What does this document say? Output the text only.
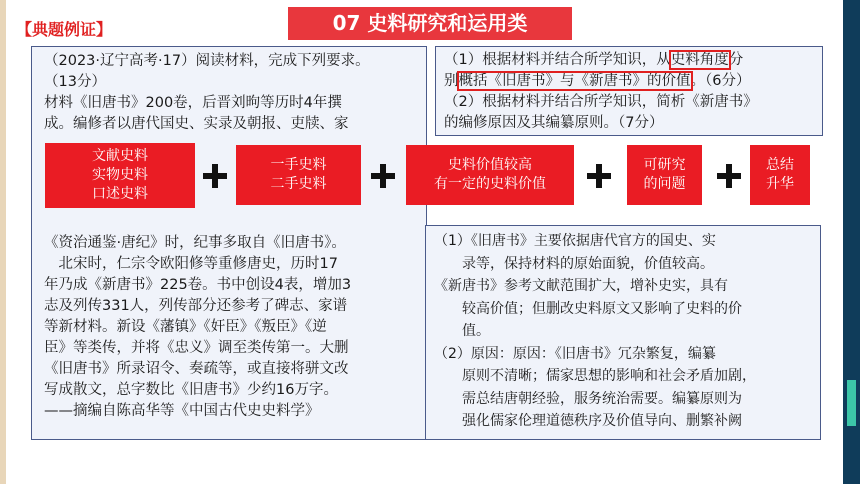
【典题例证】	07 史料研究和运用类
（2023·辽宁高考·17）阅读材料，完成下列要求。
（13分）
材料《旧唐书》200卷，后晋刘昫等历时4年撰
成。编修者以唐代国史、实录及朝报、吏牍、家
《资治通鉴·唐纪》时，纪事多取自《旧唐书》。
　北宋时，仁宗令欧阳修等重修唐史，历时17
年乃成《新唐书》225卷。书中创设4表，增加3
志及列传331人，列传部分还参考了碑志、家谱
等新材料。新设《藩镇》《奸臣》《叛臣》《逆
臣》等类传，并将《忠义》调至类传第一。大删
《旧唐书》所录诏令、奏疏等，或直接将骈文改
写成散文，总字数比《旧唐书》少约16万字。
——摘编自陈高华等《中国古代史史料学》
（1）根据材料并结合所学知识，从史料角度分
别概括《旧唐书》与《新唐书》的价值。（6分）
（2）根据材料并结合所学知识，简析《新唐书》
的编修原因及其编纂原则。（7分）
（1）《旧唐书》主要依据唐代官方的国史、实
　　录等，保持材料的原始面貌，价值较高。
《新唐书》参考文献范围扩大，增补史实，具有
　　较高价值；但删改史料原文又影响了史料的价
　　值。
（2）原因：原因：《旧唐书》冗杂繁复，编纂
　　原则不清晰；儒家思想的影响和社会矛盾加剧，
　　需总结唐朝经验，服务统治需要。编纂原则为
　　强化儒家伦理道德秩序及价值导向、删繁补阙
文献史料
实物史料
口述史料
一手史料
二手史料
史料价值较高
有一定的史料价值
可研究
的问题
总结
升华
